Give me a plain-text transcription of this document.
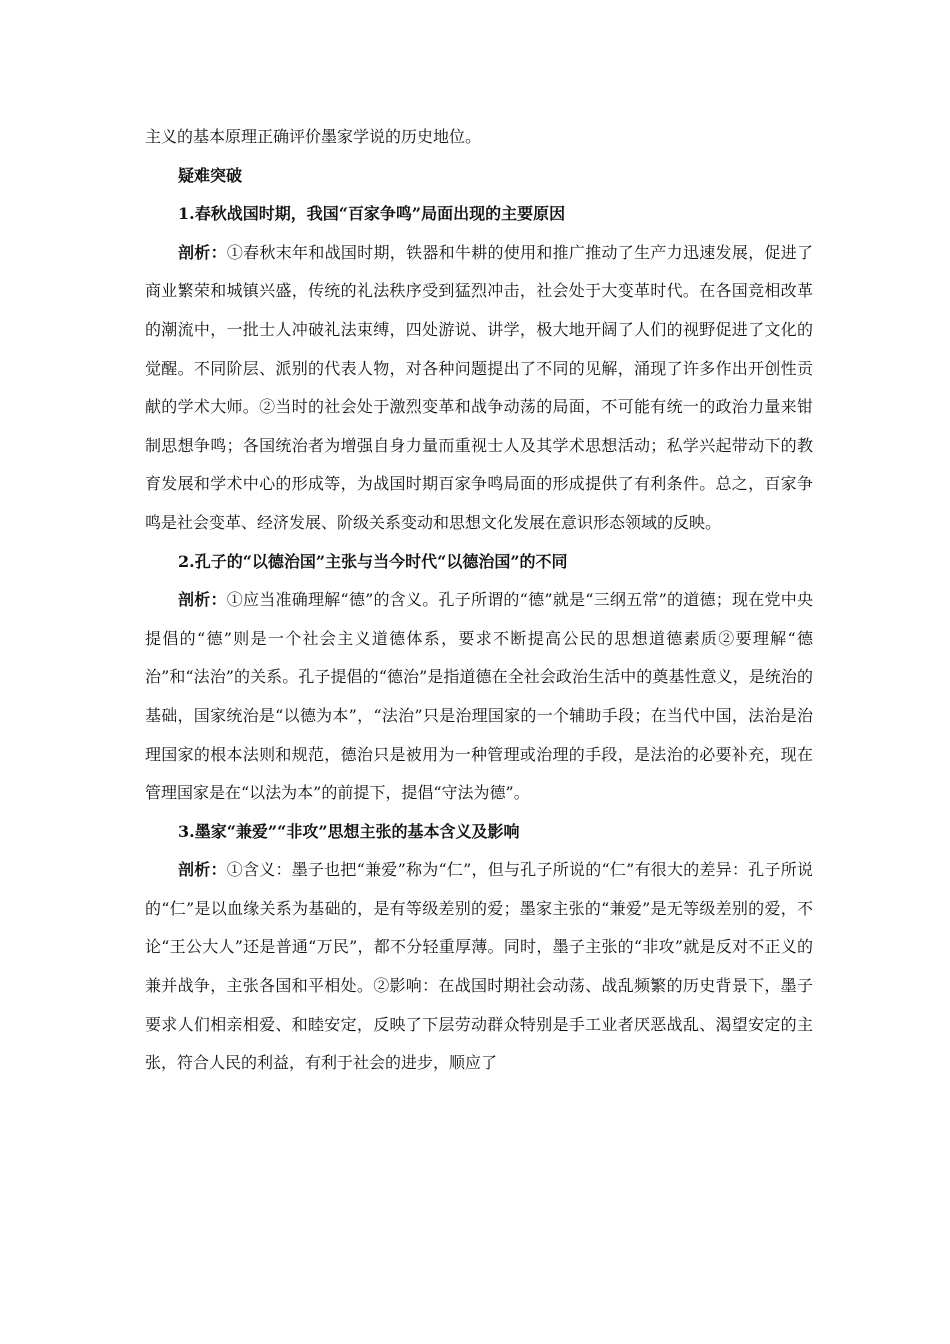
主义的基本原理正确评价墨家学说的历史地位。

疑难突破

1.春秋战国时期，我国“百家争鸣”局面出现的主要原因

剖析：①春秋末年和战国时期，铁器和牛耕的使用和推广推动了生产力迅速发展，促进了商业繁荣和城镇兴盛，传统的礼法秩序受到猛烈冲击，社会处于大变革时代。在各国竞相改革的潮流中，一批士人冲破礼法束缚，四处游说、讲学，极大地开阔了人们的视野促进了文化的觉醒。不同阶层、派别的代表人物，对各种问题提出了不同的见解，涌现了许多作出开创性贡献的学术大师。②当时的社会处于激烈变革和战争动荡的局面，不可能有统一的政治力量来钳制思想争鸣；各国统治者为增强自身力量而重视士人及其学术思想活动；私学兴起带动下的教育发展和学术中心的形成等，为战国时期百家争鸣局面的形成提供了有利条件。总之，百家争鸣是社会变革、经济发展、阶级关系变动和思想文化发展在意识形态领域的反映。

2.孔子的“以德治国”主张与当今时代“以德治国”的不同

剖析：①应当准确理解“德”的含义。孔子所谓的“德”就是“三纲五常”的道德；现在党中央提倡的“德”则是一个社会主义道德体系，要求不断提高公民的思想道德素质②要理解“德治”和“法治”的关系。孔子提倡的“德治”是指道德在全社会政治生活中的奠基性意义，是统治的基础，国家统治是“以德为本”，“法治”只是治理国家的一个辅助手段；在当代中国，法治是治理国家的根本法则和规范，德治只是被用为一种管理或治理的手段，是法治的必要补充，现在管理国家是在“以法为本”的前提下，提倡“守法为德”。

3.墨家“兼爱”“非攻”思想主张的基本含义及影响

剖析：①含义：墨子也把“兼爱”称为“仁”，但与孔子所说的“仁”有很大的差异：孔子所说的“仁”是以血缘关系为基础的，是有等级差别的爱；墨家主张的“兼爱”是无等级差别的爱，不论“王公大人”还是普通“万民”，都不分轻重厚薄。同时，墨子主张的“非攻”就是反对不正义的兼并战争，主张各国和平相处。②影响：在战国时期社会动荡、战乱频繁的历史背景下，墨子要求人们相亲相爱、和睦安定，反映了下层劳动群众特别是手工业者厌恶战乱、渴望安定的主张，符合人民的利益，有利于社会的进步，顺应了
